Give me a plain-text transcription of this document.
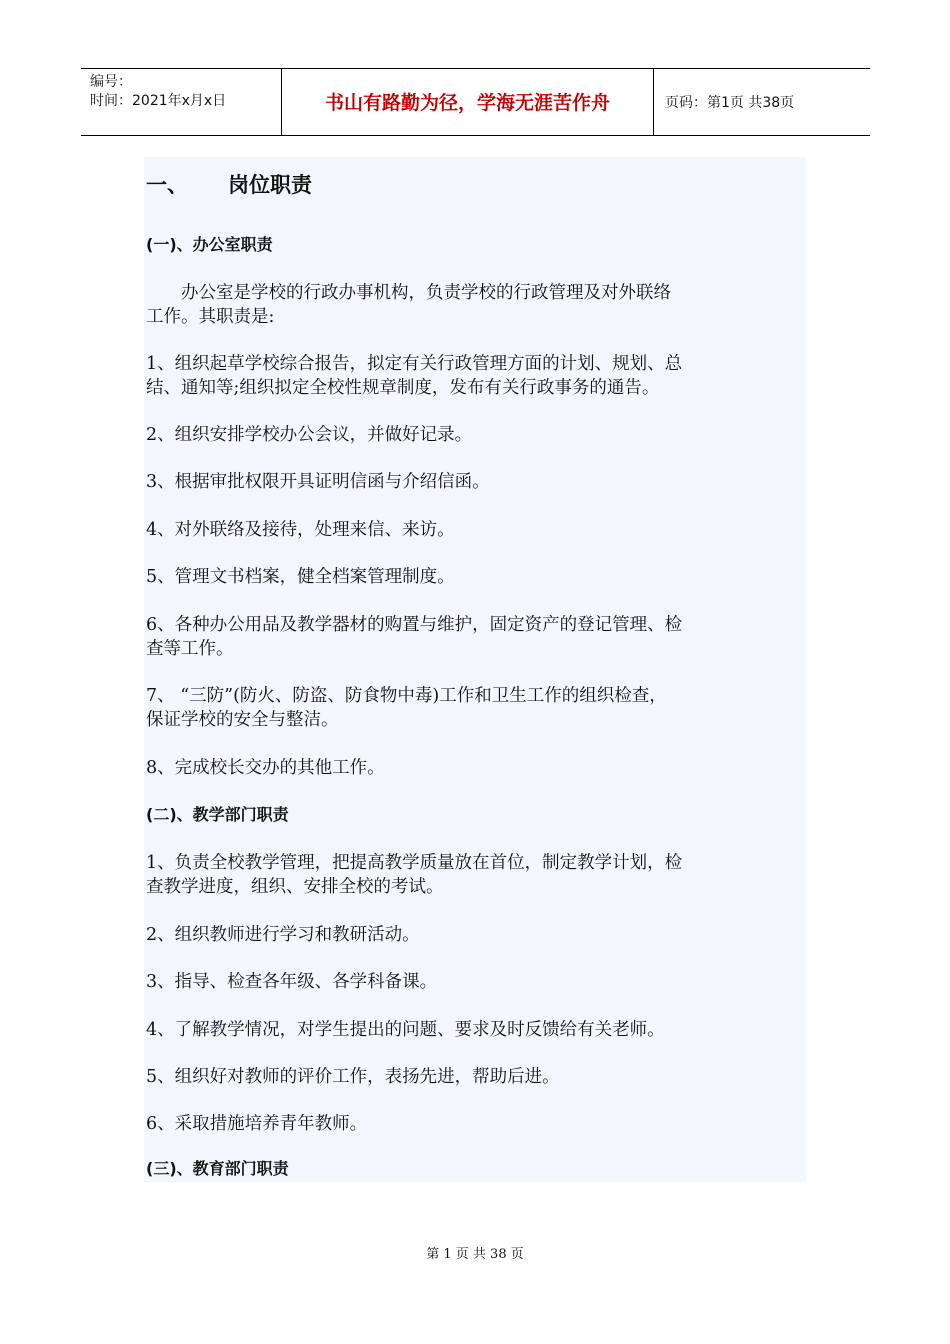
编号：
时间：2021年x月x日	书山有路勤为径，学海无涯苦作舟	页码：第1页 共38页
一、 岗位职责
(一)、办公室职责
　　办公室是学校的行政办事机构，负责学校的行政管理及对外联络
工作。其职责是:
1、组织起草学校综合报告，拟定有关行政管理方面的计划、规划、总
结、通知等;组织拟定全校性规章制度，发布有关行政事务的通告。
2、组织安排学校办公会议，并做好记录。
3、根据审批权限开具证明信函与介绍信函。
4、对外联络及接待，处理来信、来访。
5、管理文书档案，健全档案管理制度。
6、各种办公用品及教学器材的购置与维护，固定资产的登记管理、检
查等工作。
7、 “三防”(防火、防盗、防食物中毒)工作和卫生工作的组织检查，
保证学校的安全与整洁。
8、完成校长交办的其他工作。
(二)、教学部门职责
1、负责全校教学管理，把提高教学质量放在首位，制定教学计划，检
查教学进度，组织、安排全校的考试。
2、组织教师进行学习和教研活动。
3、指导、检查各年级、各学科备课。
4、了解教学情况，对学生提出的问题、要求及时反馈给有关老师。
5、组织好对教师的评价工作，表扬先进，帮助后进。
6、采取措施培养青年教师。
(三)、教育部门职责
第 1 页 共 38 页
